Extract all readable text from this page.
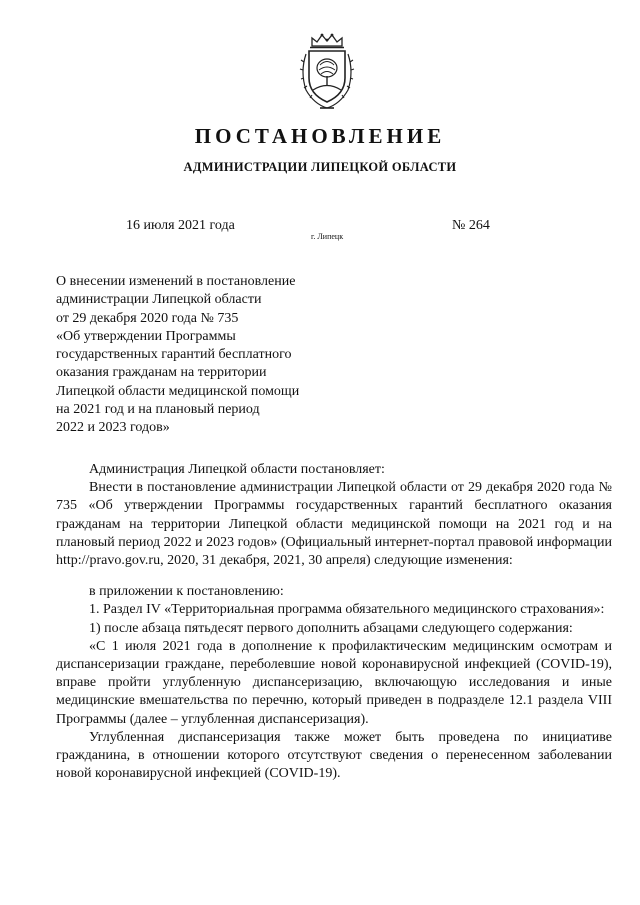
ПОСТАНОВЛЕНИЕ
АДМИНИСТРАЦИИ ЛИПЕЦКОЙ ОБЛАСТИ
16 июля 2021 года
г. Липецк
№ 264
О внесении изменений в постановление
администрации Липецкой области
от 29 декабря 2020 года № 735
«Об утверждении Программы
государственных гарантий бесплатного
оказания гражданам на территории
Липецкой области медицинской помощи
на 2021 год и на плановый период
2022 и 2023 годов»

Администрация Липецкой области постановляет:

Внести в постановление администрации Липецкой области от 29 декабря 2020 года № 735 «Об утверждении Программы государственных гарантий бесплатного оказания гражданам на территории Липецкой области медицинской помощи на 2021 год и на плановый период 2022 и 2023 годов» (Официальный интернет-портал правовой информации http://pravo.gov.ru, 2020, 31 декабря, 2021, 30 апреля) следующие изменения:

в приложении к постановлению:

1. Раздел IV «Территориальная программа обязательного медицинского страхования»:

1) после абзаца пятьдесят первого дополнить абзацами следующего содержания:

«С 1 июля 2021 года в дополнение к профилактическим медицинским осмотрам и диспансеризации граждане, переболевшие новой коронавирусной инфекцией (COVID-19), вправе пройти углубленную диспансеризацию, включающую исследования и иные медицинские вмешательства по перечню, который приведен в подразделе 12.1 раздела VIII Программы (далее – углубленная диспансеризация).

Углубленная диспансеризация также может быть проведена по инициативе гражданина, в отношении которого отсутствуют сведения о перенесенном заболевании новой коронавирусной инфекцией (COVID-19).
